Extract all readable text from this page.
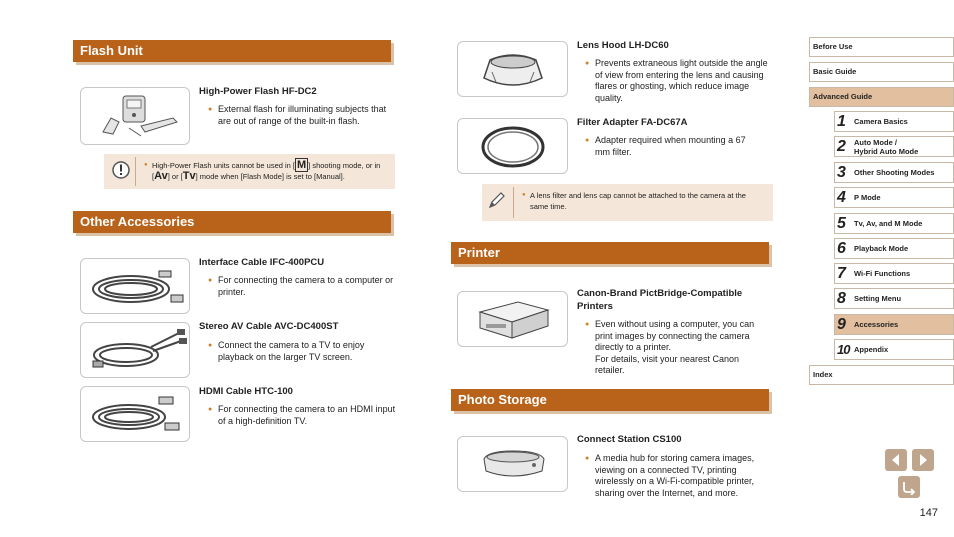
Flash Unit
High-Power Flash HF-DC2
● External flash for illuminating subjects that are out of range of the built-in flash.
● High-Power Flash units cannot be used in [ M ] shooting mode, or in [Av] or [Tv] mode when [Flash Mode] is set to [Manual].
Other Accessories
Interface Cable IFC-400PCU
● For connecting the camera to a computer or printer.
Stereo AV Cable AVC-DC400ST
● Connect the camera to a TV to enjoy playback on the larger TV screen.
HDMI Cable HTC-100
● For connecting the camera to an HDMI input of a high-definition TV.
Lens Hood LH-DC60
● Prevents extraneous light outside the angle of view from entering the lens and causing flares or ghosting, which reduce image quality.
Filter Adapter FA-DC67A
● Adapter required when mounting a 67 mm filter.
● A lens filter and lens cap cannot be attached to the camera at the same time.
Printer
Canon-Brand PictBridge-Compatible Printers
● Even without using a computer, you can print images by connecting the camera directly to a printer.
For details, visit your nearest Canon retailer.
Photo Storage
Connect Station CS100
● A media hub for storing camera images, viewing on a connected TV, printing wirelessly on a Wi-Fi-compatible printer, sharing over the Internet, and more.
Before Use
Basic Guide
Advanced Guide
1 Camera Basics
2 Auto Mode /
Hybrid Auto Mode
3 Other Shooting Modes
4 P Mode
5 Tv, Av, and M Mode
6 Playback Mode
7 Wi-Fi Functions
8 Setting Menu
9 Accessories
10 Appendix
Index
147
